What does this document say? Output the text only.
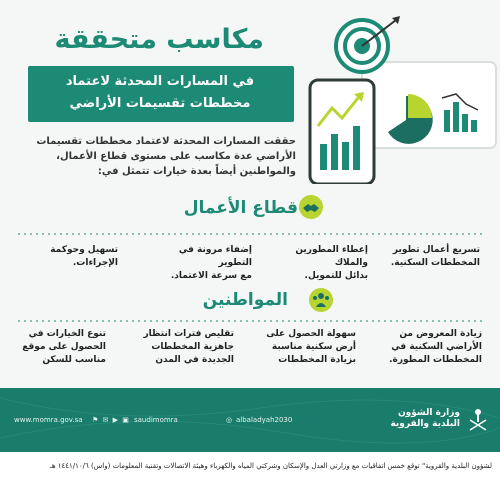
مكاسب متحققة
في المسارات المحدثة لاعتماد
مخططات تقسيمات الأراضي
حققت المسارات المحدثة لاعتماد مخططات تقسيمات
الأراضي عدة مكاسب على مستوى قطاع الأعمال،
والمواطنين أيضاً بعدة خيارات تتمثل في:
قطاع الأعمال
تسريع أعمال تطوير
المخططات السكنية.
إعطاء المطورين والملاك
بدائل للتمويل.
إضفاء مرونة في التطوير
مع سرعة الاعتماد.
تسهيل وحوكمة
الإجراءات.
المواطنين
زيادة المعروض من
الأراضي السكنية في
المخططات المطورة.
سهولة الحصول على
أرض سكنية مناسبة
بزيادة المخططات
تقليص فترات انتظار
جاهزية المخططات
الجديدة في المدن
تنوع الخيارات في
الحصول على موقع
مناسب للسكن
www.momra.gov.sa ⚑ ✉ ▶ ▣ saudimomra	◎ albaladyah2030
وزارة الشؤون
البلدية والقروية
لشؤون البلدية والقروية" توقع خمس اتفاقيات مع وزارتي العدل والإسكان وشركتي المياه والكهرباء وهيئة الاتصالات وتقنية المعلومات (واس) ١٤٤١/١٠/٦ هـ
